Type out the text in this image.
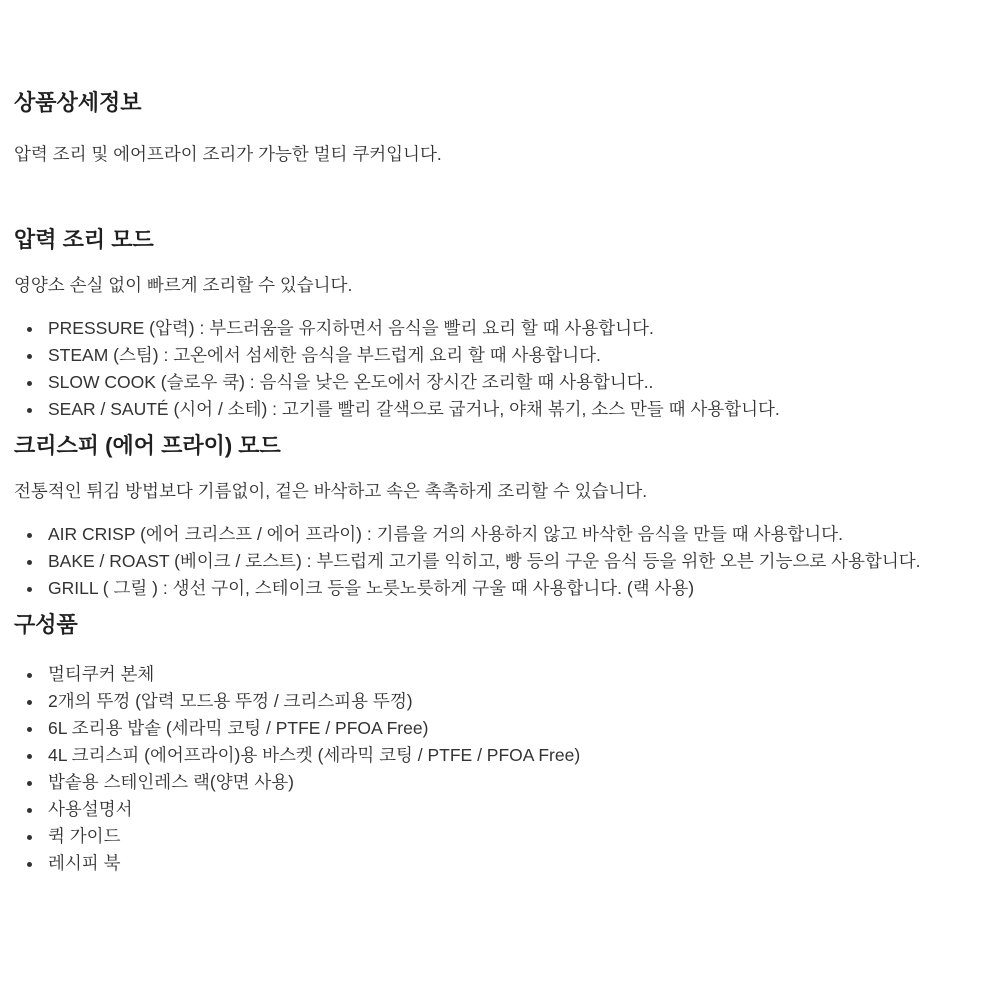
상품상세정보

압력 조리 및 에어프라이 조리가 가능한 멀티 쿠커입니다.

압력 조리 모드

영양소 손실 없이 빠르게 조리할 수 있습니다.

PRESSURE (압력) : 부드러움을 유지하면서 음식을 빨리 요리 할 때 사용합니다.
STEAM (스팀) : 고온에서 섬세한 음식을 부드럽게 요리 할 때 사용합니다.
SLOW COOK (슬로우 쿡) : 음식을 낮은 온도에서 장시간 조리할 때 사용합니다..
SEAR / SAUTÉ (시어 / 소테) : 고기를 빨리 갈색으로 굽거나, 야채 볶기, 소스 만들 때 사용합니다.
크리스피 (에어 프라이) 모드

전통적인 튀김 방법보다 기름없이, 겉은 바삭하고 속은 촉촉하게 조리할 수 있습니다.

AIR CRISP (에어 크리스프 / 에어 프라이) : 기름을 거의 사용하지 않고 바삭한 음식을 만들 때 사용합니다.
BAKE / ROAST (베이크 / 로스트) : 부드럽게 고기를 익히고, 빵 등의 구운 음식 등을 위한 오븐 기능으로 사용합니다.
GRILL ( 그릴 ) : 생선 구이, 스테이크 등을 노릇노릇하게 구울 때 사용합니다. (랙 사용)
구성품
멀티쿠커 본체
2개의 뚜껑 (압력 모드용 뚜껑 / 크리스피용 뚜껑)
6L 조리용 밥솥 (세라믹 코팅 / PTFE / PFOA Free)
4L 크리스피 (에어프라이)용 바스켓 (세라믹 코팅 / PTFE / PFOA Free)
밥솥용 스테인레스 랙(양면 사용)
사용설명서
퀵 가이드
레시피 북
